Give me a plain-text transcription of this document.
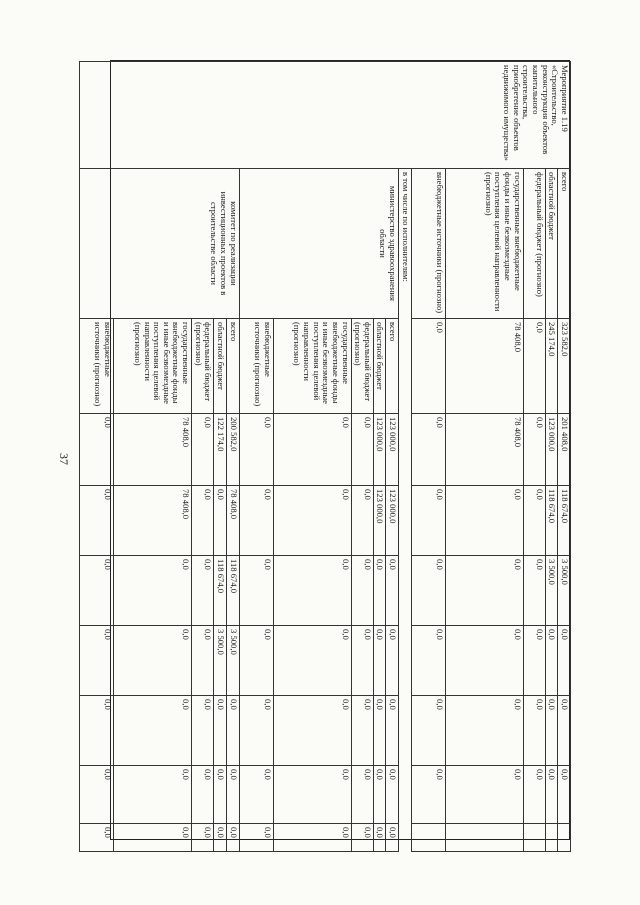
37
Мероприятие 1.19 «Строительство, реконструкция объектов капитального строительства, приобретение объектов недвижимого имущества»	всего	323 582,0	201 408,0	118 674,0	3 500,0	0,0	0,0	0,0		
	областной бюджет	245 174,0	123 000,0	118 674,0	3 500,0	0,0	0,0	0,0		
	федеральный бюджет (прогнозно)	0,0	0,0	0,0	0,0	0,0	0,0	0,0		
	государственные внебюджетные фонды и иные безвозмездные поступления целевой направленности (прогнозно)	78 408,0	78 408,0	0,0	0,0	0,0	0,0	0,0		
	внебюджетные источники (прогнозно)	0,0	0,0	0,0	0,0	0,0	0,0	0,0		
	в том числе по исполнителям:									
	министерство здравоохранения области	всего	123 000,0	123 000,0	0,0	0,0	0,0	0,0	0,0	
		областной бюджет	123 000,0	123 000,0	0,0	0,0	0,0	0,0	0,0	
		федеральный бюджет (прогнозно)	0,0	0,0	0,0	0,0	0,0	0,0	0,0	
		государственные внебюджетные фонды и иные безвозмездные поступления целевой направленности (прогнозно)	0,0	0,0	0,0	0,0	0,0	0,0	0,0	
		внебюджетные источники (прогнозно)	0,0	0,0	0,0	0,0	0,0	0,0	0,0	
	комитет по реализации инвестиционных проектов в строительстве области	всего	200 582,0	78 408,0	118 674,0	3 500,0	0,0	0,0	0,0	
		областной бюджет	122 174,0	0,0	118 674,0	3 500,0	0,0	0,0	0,0	
		федеральный бюджет (прогнозно)	0,0	0,0	0,0	0,0	0,0	0,0	0,0	
		государственные внебюджетные фонды и иные безвозмездные поступления целевой направленности (прогнозно)	78 408,0	78 408,0	0,0	0,0	0,0	0,0	0,0	
		внебюджетные источники (прогнозно)	0,0	0,0	0,0	0,0	0,0	0,0	0,0	
